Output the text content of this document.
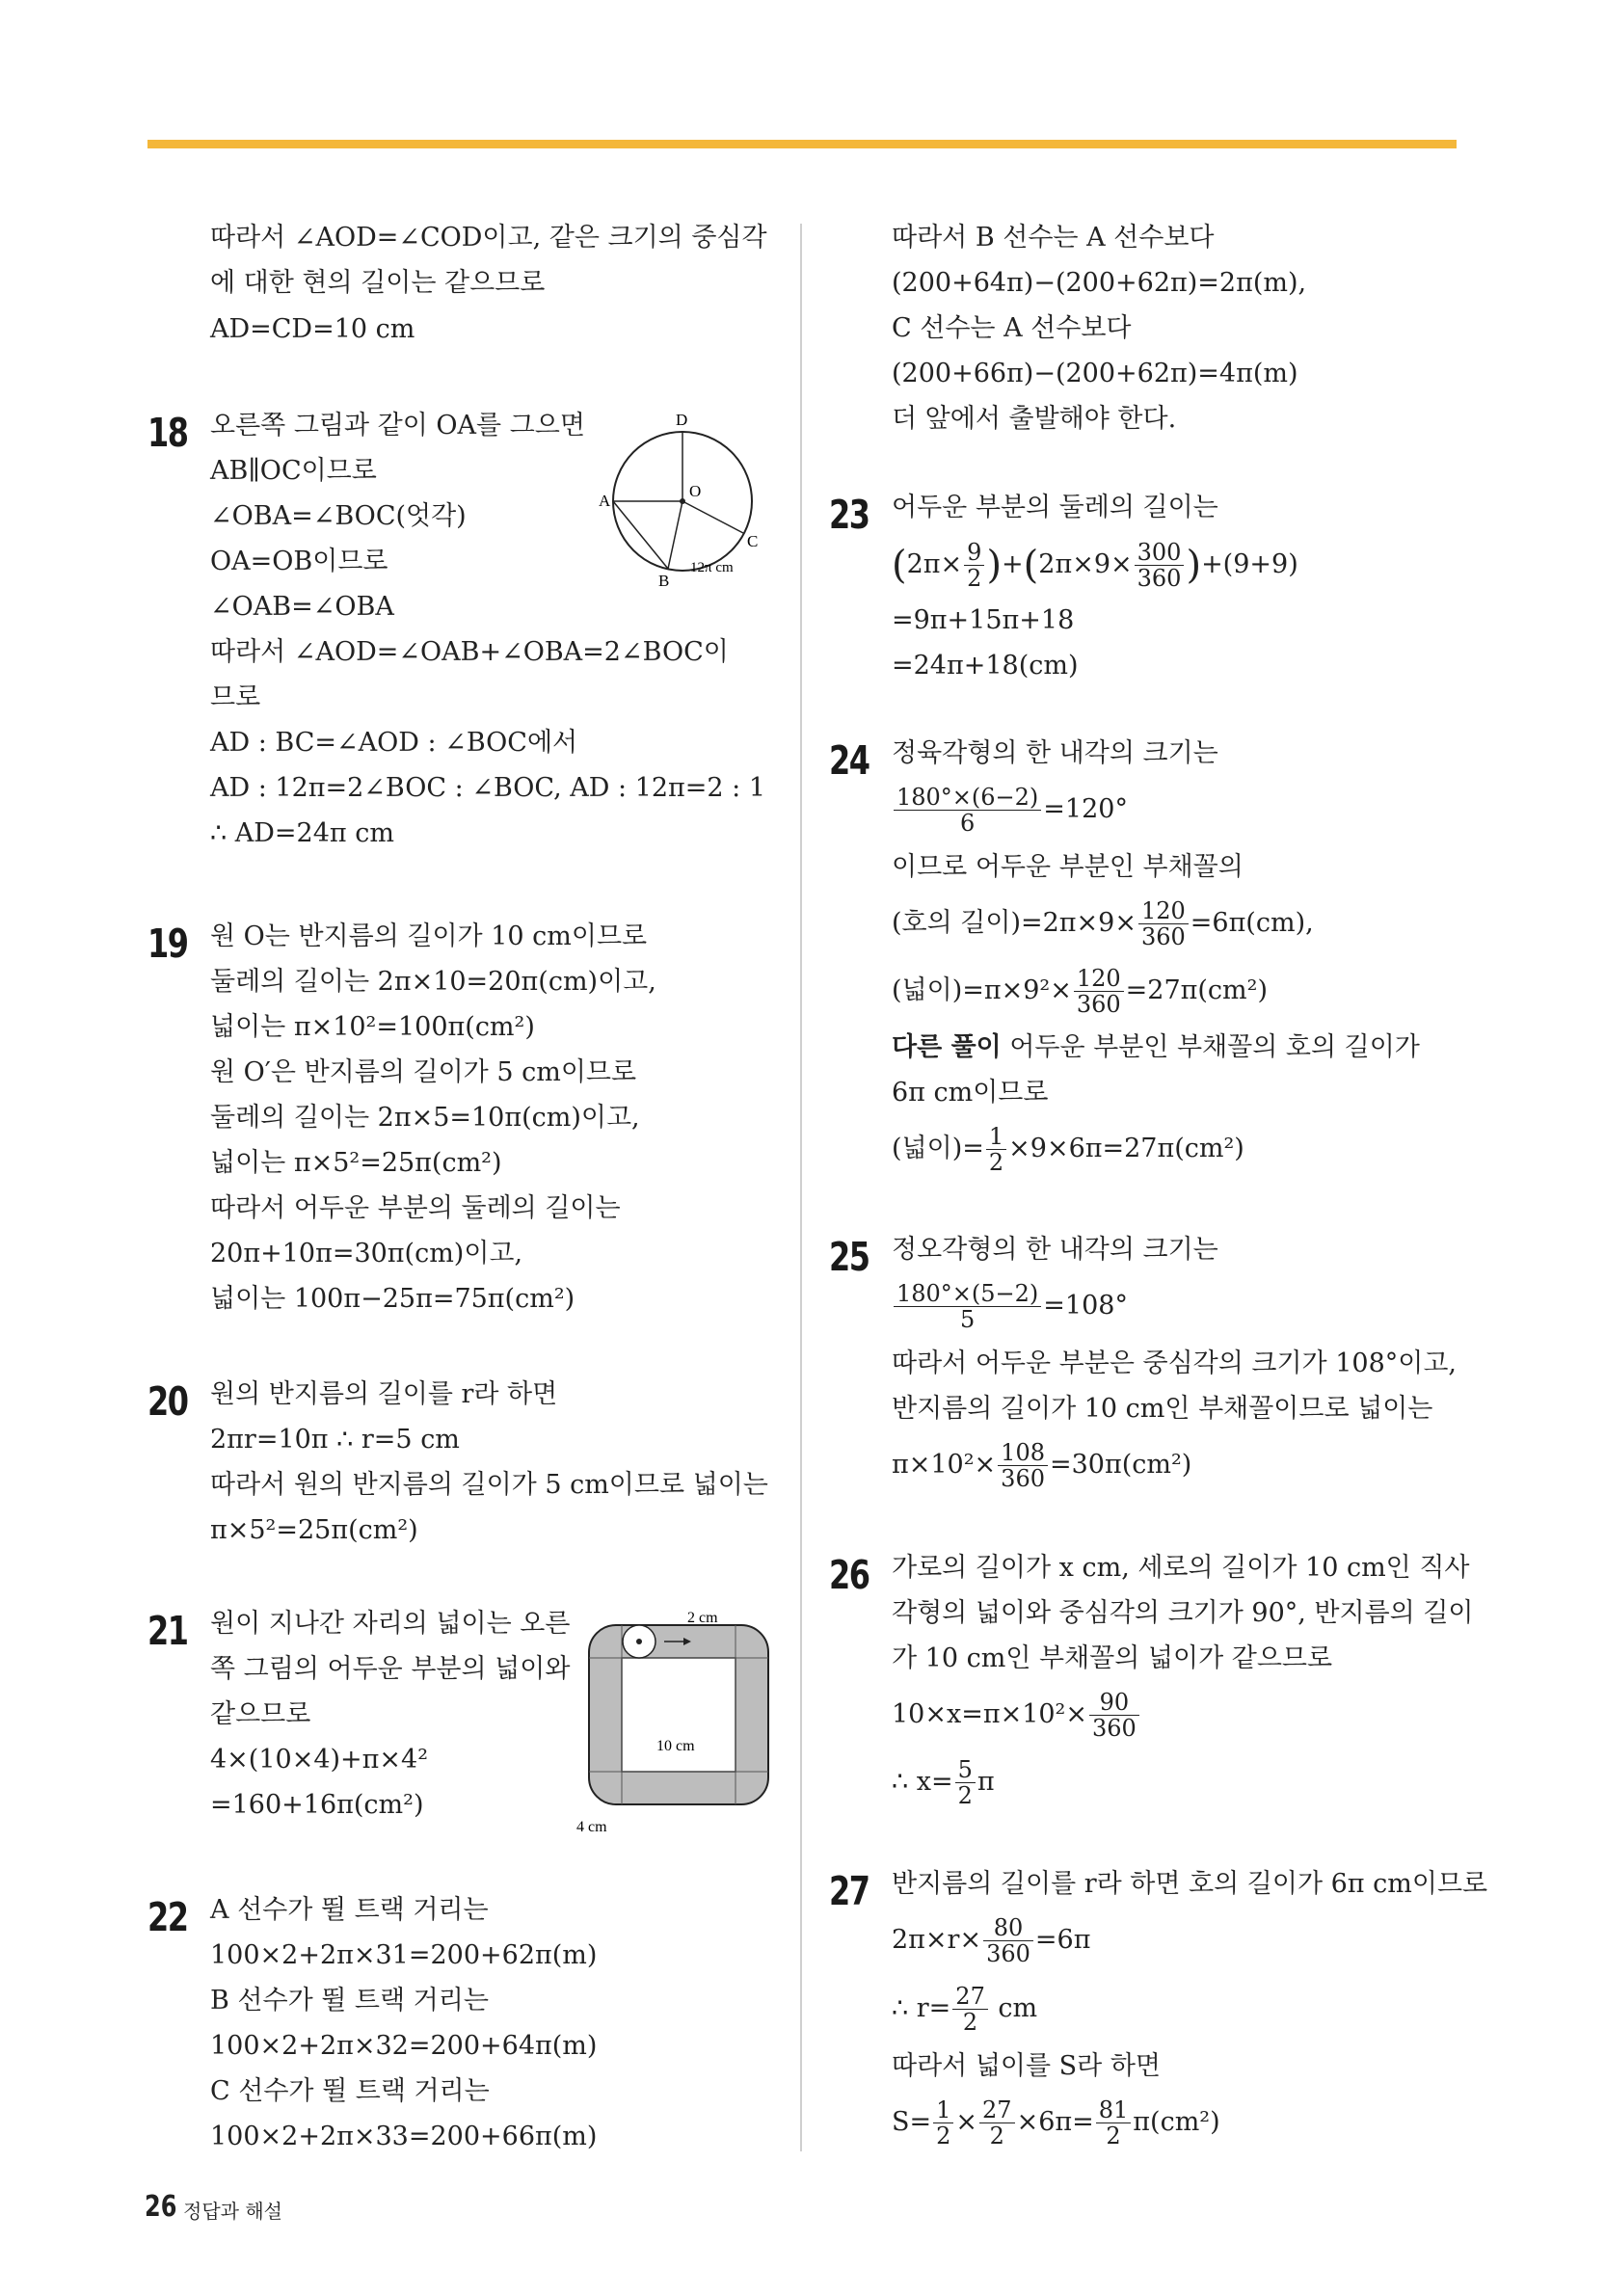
따라서 ∠AOD=∠COD이고, 같은 크기의 중심각
에 대한 현의 길이는 같으므로
AD=CD=10 cm
18 오른쪽 그림과 같이 OA를 그으면
AB∥OC이므로
∠OBA=∠BOC(엇각)
OA=OB이므로
∠OAB=∠OBA
따라서 ∠AOD=∠OAB+∠OBA=2∠BOC이
므로
AD : BC=∠AOD : ∠BOC에서
AD : 12π=2∠BOC : ∠BOC, AD : 12π=2 : 1
∴ AD=24π cm
D
A
O
C
B
12π cm
19 원 O는 반지름의 길이가 10 cm이므로
둘레의 길이는 2π×10=20π(cm)이고,
넓이는 π×10²=100π(cm²)
원 O′은 반지름의 길이가 5 cm이므로
둘레의 길이는 2π×5=10π(cm)이고,
넓이는 π×5²=25π(cm²)
따라서 어두운 부분의 둘레의 길이는
20π+10π=30π(cm)이고,
넓이는 100π−25π=75π(cm²)
20 원의 반지름의 길이를 r라 하면
2πr=10π ∴ r=5 cm
따라서 원의 반지름의 길이가 5 cm이므로 넓이는
π×5²=25π(cm²)
21 원이 지나간 자리의 넓이는 오른
쪽 그림의 어두운 부분의 넓이와
같으므로
4×(10×4)+π×4²
=160+16π(cm²)
2 cm
10 cm
4 cm
22 A 선수가 뛸 트랙 거리는
100×2+2π×31=200+62π(m)
B 선수가 뛸 트랙 거리는
100×2+2π×32=200+64π(m)
C 선수가 뛸 트랙 거리는
100×2+2π×33=200+66π(m)
따라서 B 선수는 A 선수보다
(200+64π)−(200+62π)=2π(m),
C 선수는 A 선수보다
(200+66π)−(200+62π)=4π(m)
더 앞에서 출발해야 한다.
23 어두운 부분의 둘레의 길이는
$(2\pi\times \frac{9}{2} )+(2\pi\times 9\times \frac{300}{360} )+(9+9)$
=9π+15π+18
=24π+18(cm)
24 정육각형의 한 내각의 크기는
$\frac{180^\circ\times(6-2)}{6} =120^\circ$
이므로 어두운 부분인 부채꼴의
(호의 길이)$=2\pi\times 9\times \frac{120}{360} =6\pi(cm)$,
(넓이)$=\pi\times 9^2\times \frac{120}{360} =27\pi(cm^2)$
다른 풀이 어두운 부분인 부채꼴의 호의 길이가
6π cm이므로
(넓이)= $\frac{1}{2} \times 9\times 6\pi=27\pi(cm^2)$
25 정오각형의 한 내각의 크기는
$\frac{180^\circ\times(5-2)}{5} =108^\circ$
따라서 어두운 부분은 중심각의 크기가 108°이고,
반지름의 길이가 10 cm인 부채꼴이므로 넓이는
$\pi\times 10^2\times \frac{108}{360} =30\pi(cm^2)$
26 가로의 길이가 x cm, 세로의 길이가 10 cm인 직사
각형의 넓이와 중심각의 크기가 90°, 반지름의 길이
가 10 cm인 부채꼴의 넓이가 같으므로
$10\times x=\pi\times 10^2\times \frac{90}{360}$
∴ $x= \frac{5}{2}$ π
27 반지름의 길이를 r라 하면 호의 길이가 6π cm이므로
$2\pi\times r\times \frac{80}{360} =6\pi$
∴ $r= \frac{27}{2}$ cm
따라서 넓이를 S라 하면
$S= \frac{1}{2} \times \frac{27}{2} \times 6\pi= \frac{81}{2} \pi(cm^2)$
26 정답과 해설
